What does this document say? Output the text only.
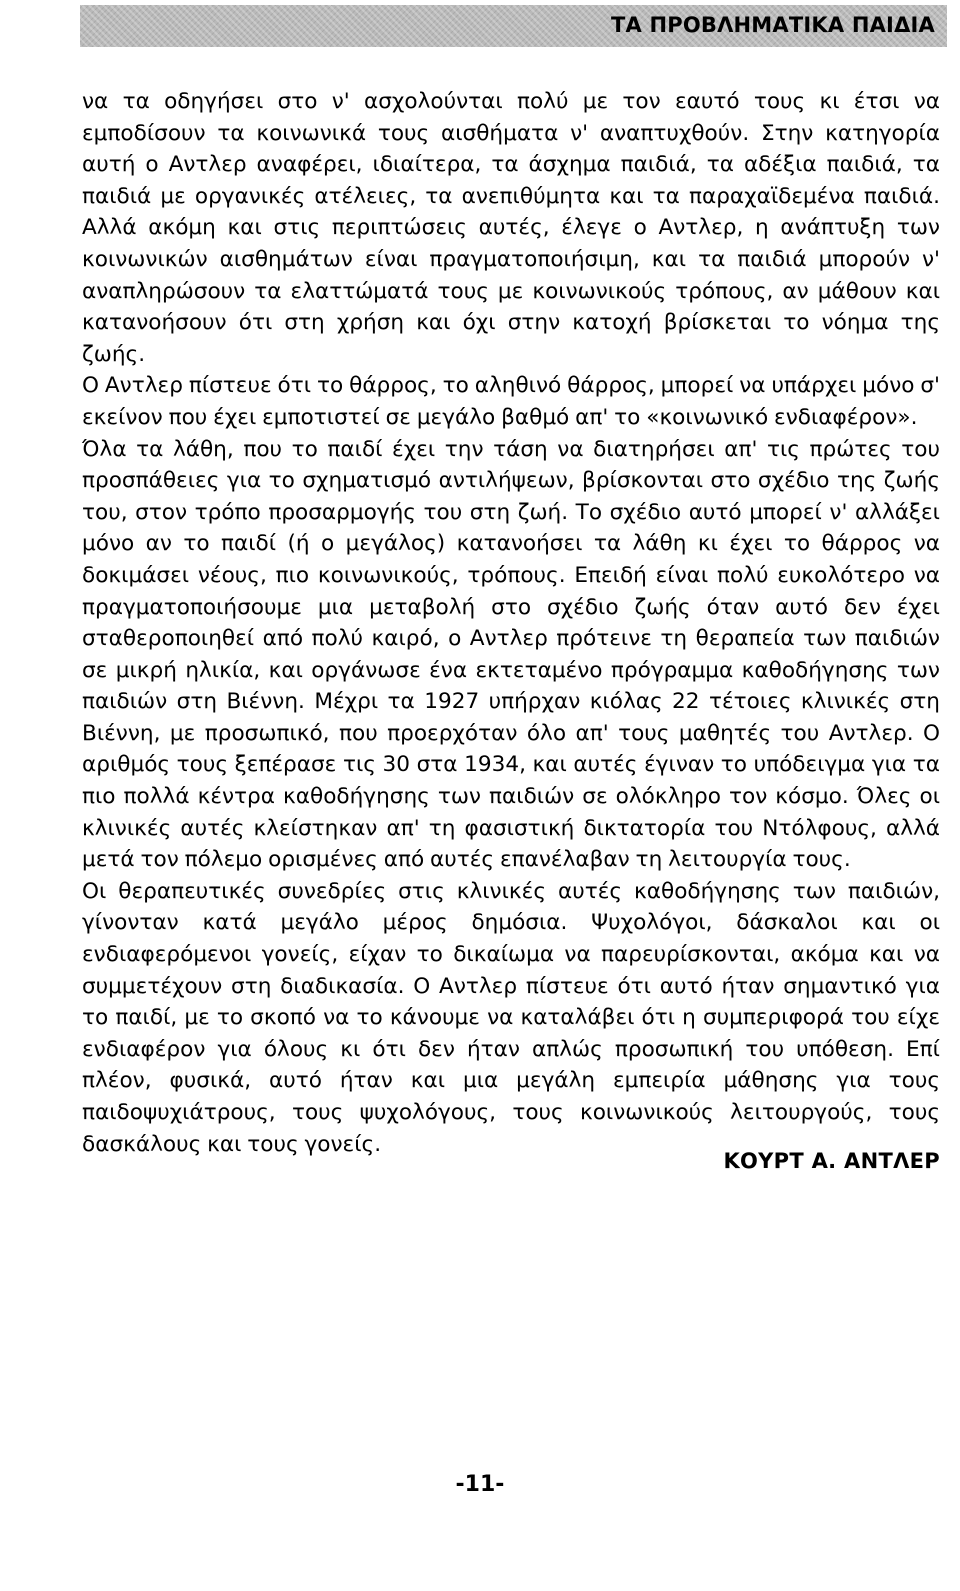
ΤΑ ΠΡΟΒΛΗΜΑΤΙΚΑ ΠΑΙΔΙΑ

να τα οδηγήσει στο ν' ασχολούνται πολύ με τον εαυτό τους κι έτσι να εμποδίσουν τα κοινωνικά τους αισθήματα ν' αναπτυχθούν. Στην κατηγορία αυτή ο Αντλερ αναφέρει, ιδιαίτερα, τα άσχημα παιδιά, τα αδέξια παιδιά, τα παιδιά με οργανικές ατέλειες, τα ανεπιθύμητα και τα παραχαϊδεμένα παιδιά. Αλλά ακόμη και στις περιπτώσεις αυτές, έλεγε ο Αντλερ, η ανάπτυξη των κοινωνικών αισθημάτων είναι πραγματοποιήσιμη, και τα παιδιά μπορούν ν' αναπληρώσουν τα ελαττώματά τους με κοινωνικούς τρόπους, αν μάθουν και κατανοήσουν ότι στη χρήση και όχι στην κατοχή βρίσκεται το νόημα της ζωής.

Ο Αντλερ πίστευε ότι το θάρρος, το αληθινό θάρρος, μπορεί να υπάρχει μόνο σ' εκείνον που έχει εμποτιστεί σε μεγάλο βαθμό απ' το «κοινωνικό ενδιαφέρον».

Όλα τα λάθη, που το παιδί έχει την τάση να διατηρήσει απ' τις πρώτες του προσπάθειες για το σχηματισμό αντιλήψεων, βρίσκονται στο σχέδιο της ζωής του, στον τρόπο προσαρμογής του στη ζωή. Το σχέδιο αυτό μπορεί ν' αλλάξει μόνο αν το παιδί (ή ο μεγάλος) κατανοήσει τα λάθη κι έχει το θάρρος να δοκιμάσει νέους, πιο κοινωνικούς, τρόπους. Επειδή είναι πολύ ευκολότερο να πραγματοποιήσουμε μια μεταβολή στο σχέδιο ζωής όταν αυτό δεν έχει σταθεροποιηθεί από πολύ καιρό, ο Αντλερ πρότεινε τη θεραπεία των παιδιών σε μικρή ηλικία, και οργάνωσε ένα εκτεταμένο πρόγραμμα καθοδήγησης των παιδιών στη Βιέννη. Μέχρι τα 1927 υπήρχαν κιόλας 22 τέτοιες κλινικές στη Βιέννη, με προσωπικό, που προερχόταν όλο απ' τους μαθητές του Αντλερ. Ο αριθμός τους ξεπέρασε τις 30 στα 1934, και αυτές έγιναν το υπόδειγμα για τα πιο πολλά κέντρα καθοδήγησης των παιδιών σε ολόκληρο τον κόσμο. Όλες οι κλινικές αυτές κλείστηκαν απ' τη φασιστική δικτατορία του Ντόλφους, αλλά μετά τον πόλεμο ορισμένες από αυτές επανέλαβαν τη λειτουργία τους.

Οι θεραπευτικές συνεδρίες στις κλινικές αυτές καθοδήγησης των παιδιών, γίνονταν κατά μεγάλο μέρος δημόσια. Ψυχολόγοι, δάσκαλοι και οι ενδιαφερόμενοι γονείς, είχαν το δικαίωμα να παρευρίσκονται, ακόμα και να συμμετέχουν στη διαδικασία. Ο Αντλερ πίστευε ότι αυτό ήταν σημαντικό για το παιδί, με το σκοπό να το κάνουμε να καταλάβει ότι η συμπεριφορά του είχε ενδιαφέρον για όλους κι ότι δεν ήταν απλώς προσωπική του υπόθεση. Επί πλέον, φυσικά, αυτό ήταν και μια μεγάλη εμπειρία μάθησης για τους παιδοψυχιάτρους, τους ψυχολόγους, τους κοινωνικούς λειτουργούς, τους δασκάλους και τους γονείς.

ΚΟΥΡΤ Α. ΑΝΤΛΕΡ
-11-
